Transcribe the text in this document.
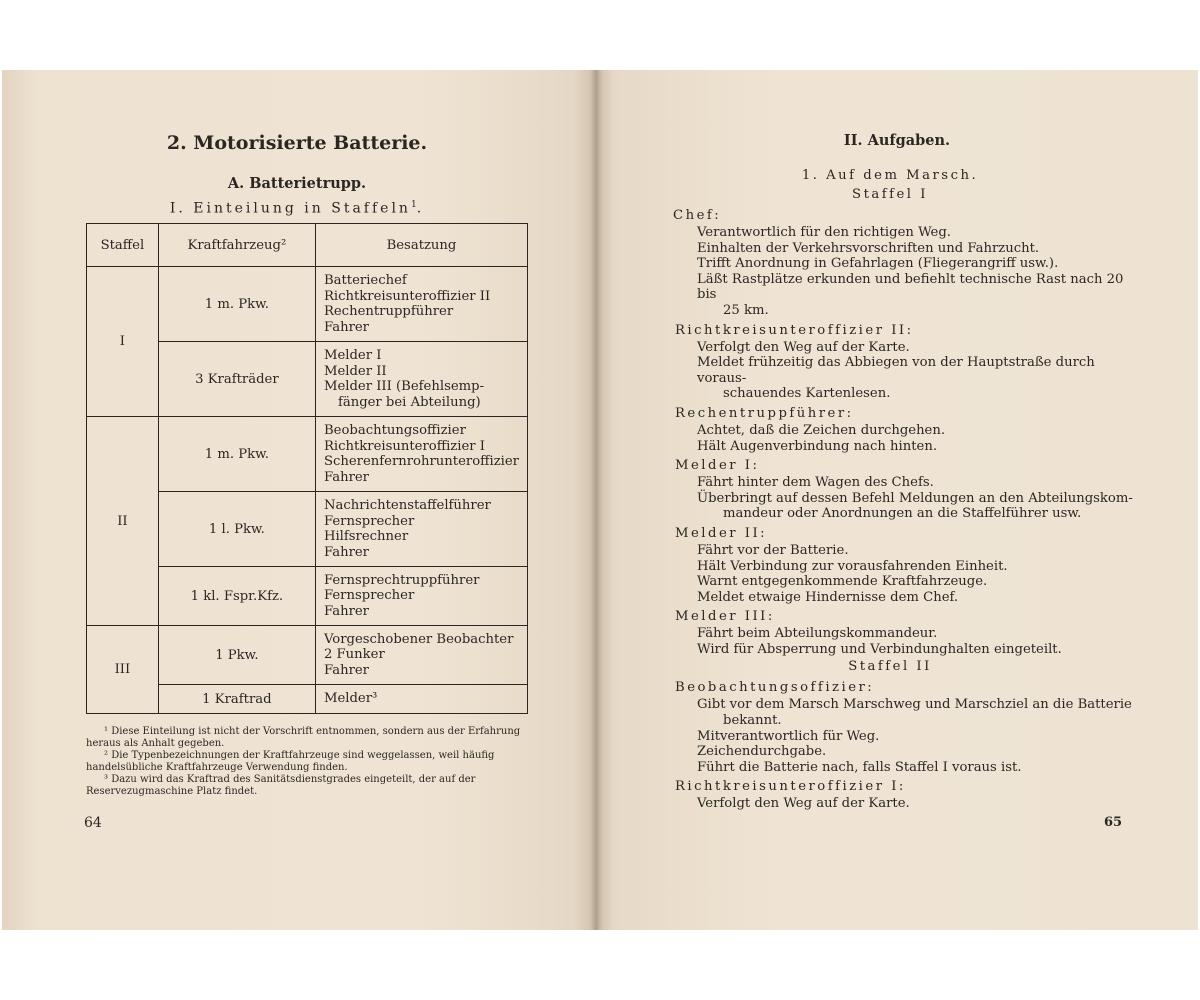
2. Motorisierte Batterie.
A. Batterietrupp.
I. Einteilung in Staffeln$^1$.
Staffel	Kraftfahrzeug²	Besatzung
I	1 m. Pkw.	Batteriechef
Richtkreisunteroffizier II
Rechentruppführer
Fahrer

	3 Krafträder	Melder I
Melder II
Melder III (Befehlsemp-
fänger bei Abteilung)

II	1 m. Pkw.	Beobachtungsoffizier
Richtkreisunteroffizier I
Scherenfernrohrunteroffizier
Fahrer

	1 l. Pkw.	Nachrichtenstaffelführer
Fernsprecher
Hilfsrechner
Fahrer

	1 kl. Fspr.Kfz.	Fernsprechtruppführer
Fernsprecher
Fahrer

III	1 Pkw.	Vorgeschobener Beobachter
2 Funker
Fahrer

	1 Kraftrad	Melder³

¹ Diese Einteilung ist nicht der Vorschrift entnommen, sondern aus der Erfahrung heraus als Anhalt gegeben.

² Die Typenbezeichnungen der Kraftfahrzeuge sind weggelassen, weil häufig handelsübliche Kraftfahrzeuge Verwendung finden.

³ Dazu wird das Kraftrad des Sanitätsdienstgrades eingeteilt, der auf der Reservezugmaschine Platz findet.

64
II. Aufgaben.
1. Auf dem Marsch.
Staffel I
Chef:
Verantwortlich für den richtigen Weg.
Einhalten der Verkehrsvorschriften und Fahrzucht.
Trifft Anordnung in Gefahrlagen (Fliegerangriff usw.).
Läßt Rastplätze erkunden und befiehlt technische Rast nach 20 bis
25 km.
Richtkreisunteroffizier II:
Verfolgt den Weg auf der Karte.
Meldet frühzeitig das Abbiegen von der Hauptstraße durch voraus-
schauendes Kartenlesen.
Rechentruppführer:
Achtet, daß die Zeichen durchgehen.
Hält Augenverbindung nach hinten.
Melder I:
Fährt hinter dem Wagen des Chefs.
Überbringt auf dessen Befehl Meldungen an den Abteilungskom-
mandeur oder Anordnungen an die Staffelführer usw.
Melder II:
Fährt vor der Batterie.
Hält Verbindung zur vorausfahrenden Einheit.
Warnt entgegenkommende Kraftfahrzeuge.
Meldet etwaige Hindernisse dem Chef.
Melder III:
Fährt beim Abteilungskommandeur.
Wird für Absperrung und Verbindunghalten eingeteilt.
Staffel II
Beobachtungsoffizier:
Gibt vor dem Marsch Marschweg und Marschziel an die Batterie
bekannt.
Mitverantwortlich für Weg.
Zeichendurchgabe.
Führt die Batterie nach, falls Staffel I voraus ist.
Richtkreisunteroffizier I:
Verfolgt den Weg auf der Karte.
65
